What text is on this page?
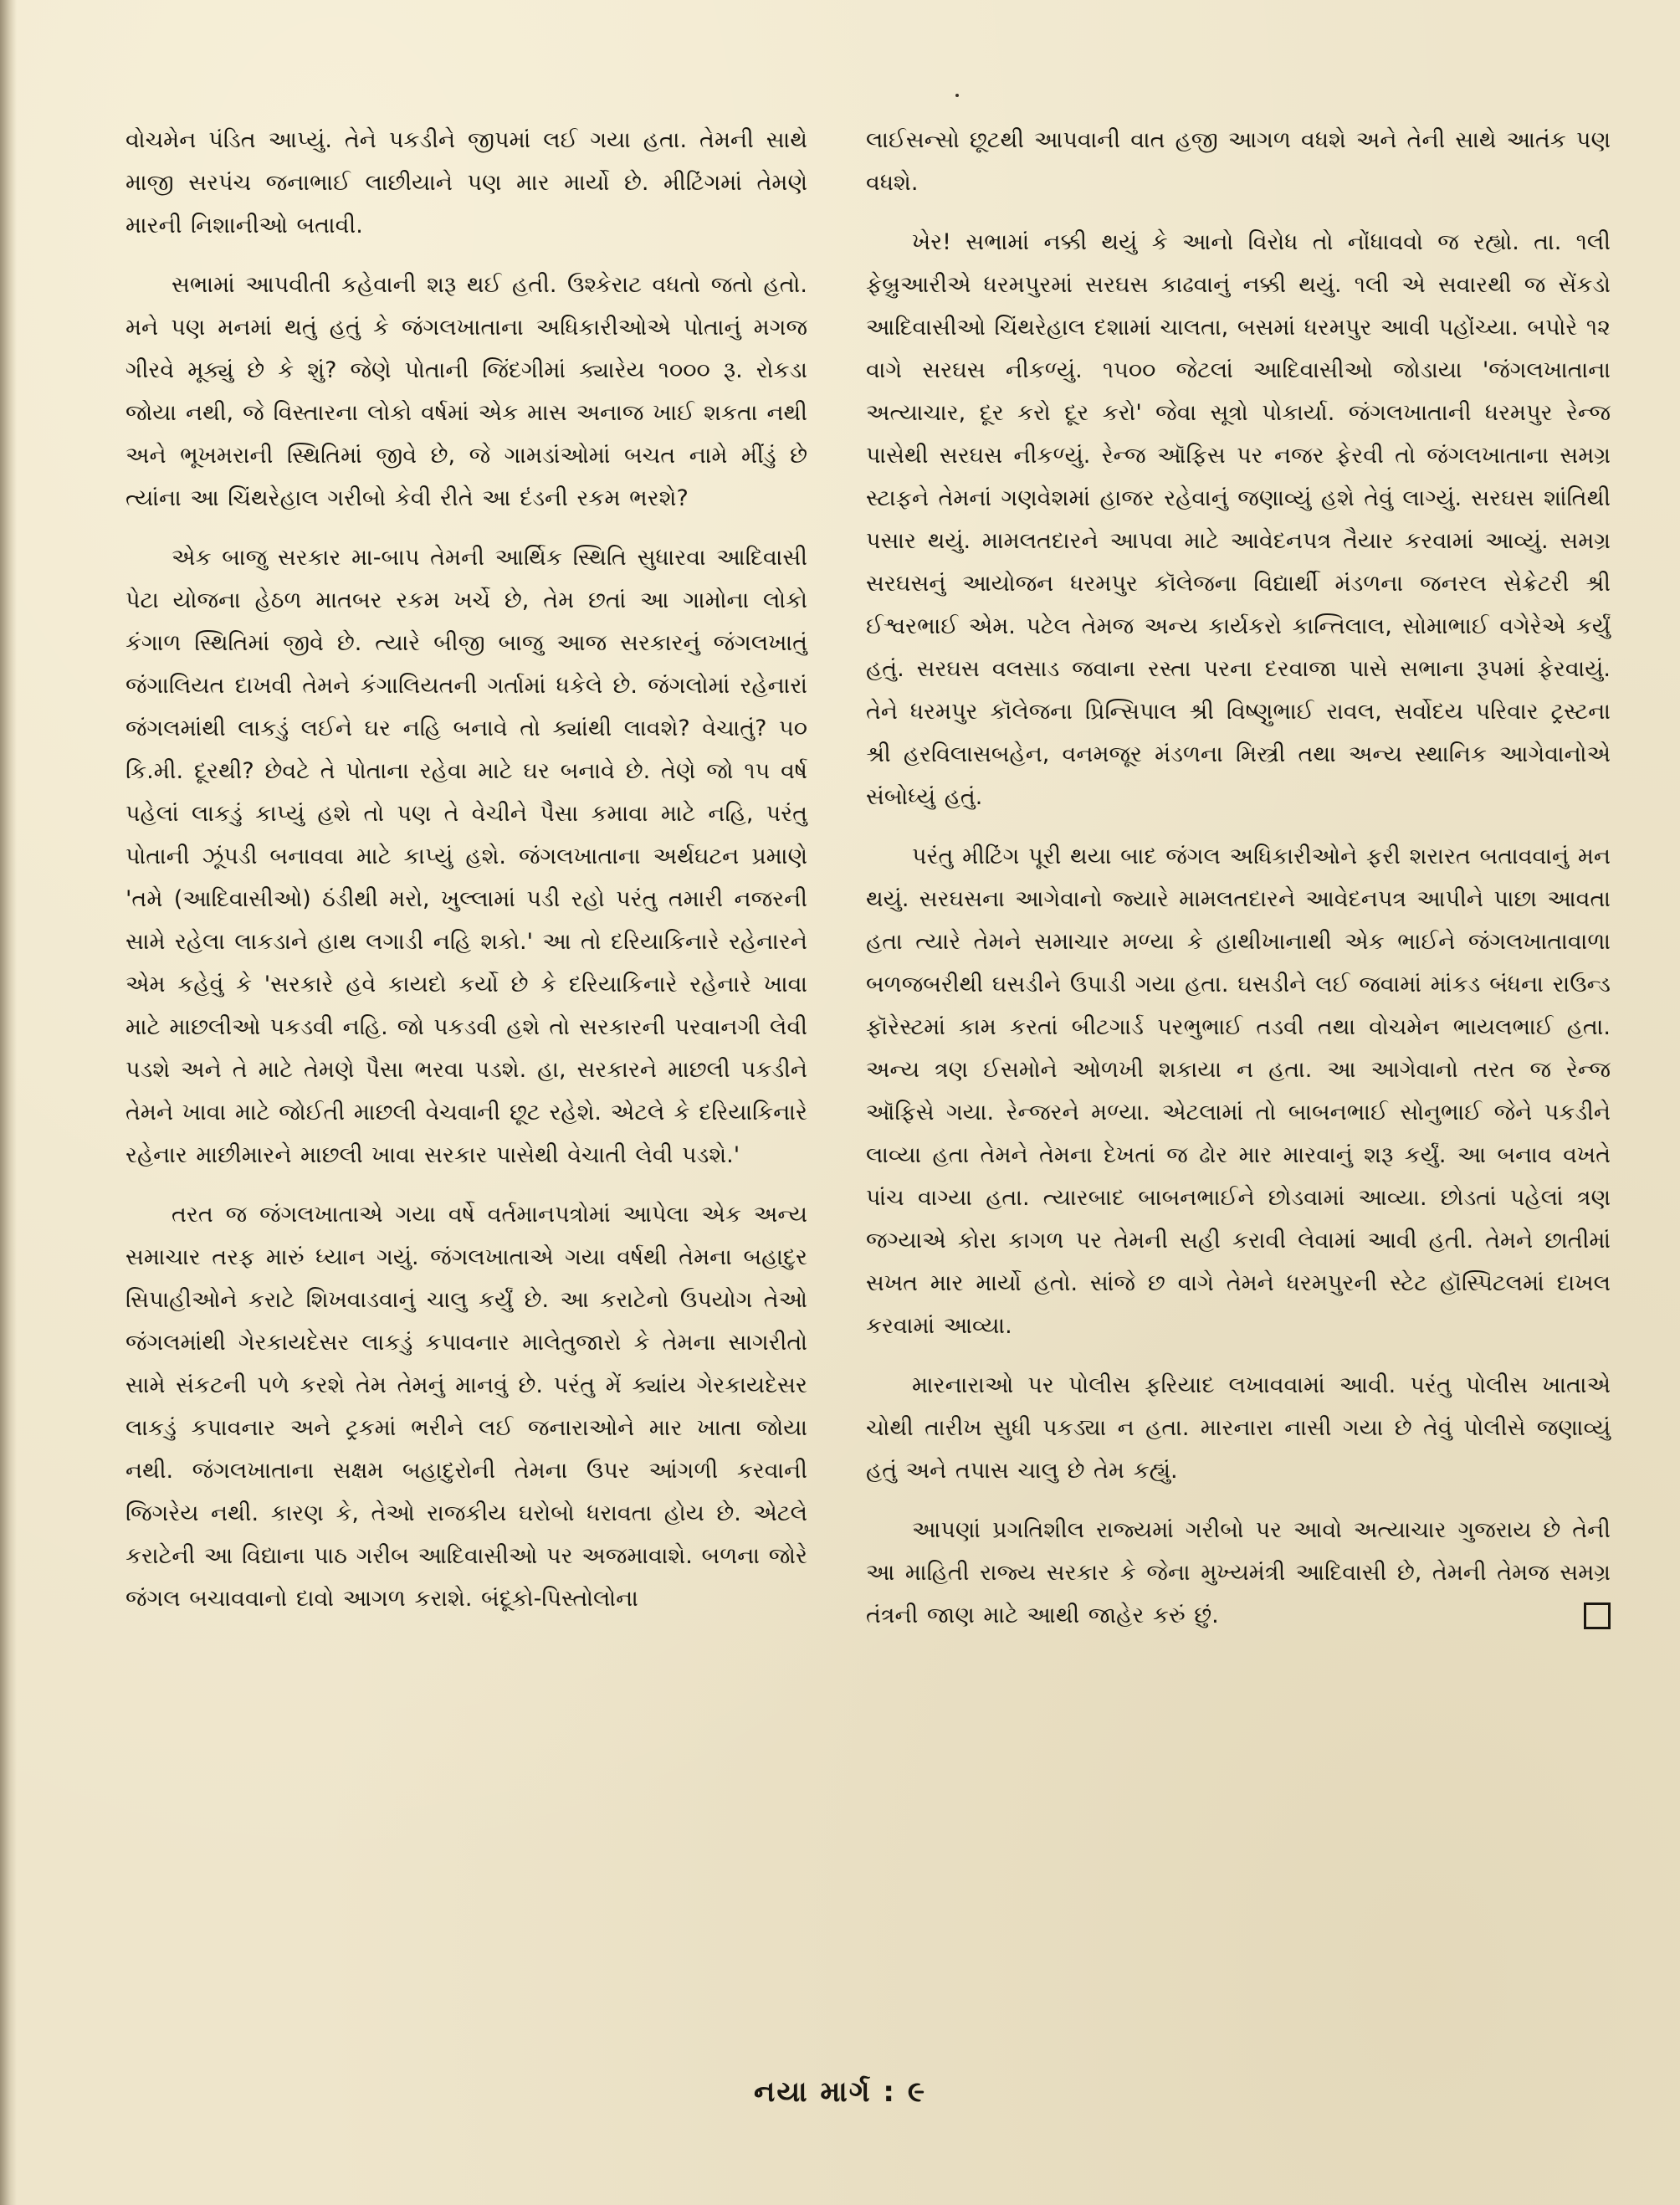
વોચમેન પંડિત આપ્યું. તેને પકડીને જીપમાં લઈ ગયા હતા. તેમની સાથે માજી સરપંચ જનાભાઈ લાછીયાને પણ માર માર્યો છે. મીટિંગમાં તેમણે મારની નિશાનીઓ બતાવી.

સભામાં આપવીતી કહેવાની શરૂ થઈ હતી. ઉશ્કેરાટ વધતો જતો હતો. મને પણ મનમાં થતું હતું કે જંગલખાતાના અધિકારીઓએ પોતાનું મગજ ગીરવે મૂક્યું છે કે શું? જેણે પોતાની જિંદગીમાં ક્યારેય ૧૦૦૦ રૂ. રોકડા જોયા નથી, જે વિસ્તારના લોકો વર્ષમાં એક માસ અનાજ ખાઈ શકતા નથી અને ભૂખમરાની સ્થિતિમાં જીવે છે, જે ગામડાંઓમાં બચત નામે મીંડું છે ત્યાંના આ ચિંથરેહાલ ગરીબો કેવી રીતે આ દંડની રકમ ભરશે?

એક બાજુ સરકાર મા-બાપ તેમની આર્થિક સ્થિતિ સુધારવા આદિવાસી પેટા યોજના હેઠળ માતબર રકમ ખર્ચે છે, તેમ છતાં આ ગામોના લોકો કંગાળ સ્થિતિમાં જીવે છે. ત્યારે બીજી બાજુ આજ સરકારનું જંગલખાતું જંગાલિયત દાખવી તેમને કંગાલિયતની ગર્તામાં ધકેલે છે. જંગલોમાં રહેનારાં જંગલમાંથી લાકડું લઈને ઘર નહિ બનાવે તો ક્યાંથી લાવશે? વેચાતું? ૫૦ કિ.મી. દૂરથી? છેવટે તે પોતાના રહેવા માટે ઘર બનાવે છે. તેણે જો ૧૫ વર્ષ પહેલાં લાકડું કાપ્યું હશે તો પણ તે વેચીને પૈસા કમાવા માટે નહિ, પરંતુ પોતાની ઝૂંપડી બનાવવા માટે કાપ્યું હશે. જંગલખાતાના અર્થઘટન પ્રમાણે 'તમે (આદિવાસીઓ) ઠંડીથી મરો, ખુલ્લામાં પડી રહો પરંતુ તમારી નજરની સામે રહેલા લાકડાને હાથ લગાડી નહિ શકો.' આ તો દરિયાકિનારે રહેનારને એમ કહેવું કે 'સરકારે હવે કાયદો કર્યો છે કે દરિયાકિનારે રહેનારે ખાવા માટે માછલીઓ પકડવી નહિ. જો પકડવી હશે તો સરકારની પરવાનગી લેવી પડશે અને તે માટે તેમણે પૈસા ભરવા પડશે. હા, સરકારને માછલી પકડીને તેમને ખાવા માટે જોઈતી માછલી વેચવાની છૂટ રહેશે. એટલે કે દરિયાકિનારે રહેનાર માછીમારને માછલી ખાવા સરકાર પાસેથી વેચાતી લેવી પડશે.'

તરત જ જંગલખાતાએ ગયા વર્ષે વર્તમાનપત્રોમાં આપેલા એક અન્ય સમાચાર તરફ મારું ધ્યાન ગયું. જંગલખાતાએ ગયા વર્ષથી તેમના બહાદુર સિપાહીઓને કરાટે શિખવાડવાનું ચાલુ કર્યું છે. આ કરાટેનો ઉપયોગ તેઓ જંગલમાંથી ગેરકાયદેસર લાકડું કપાવનાર માલેતુજારો કે તેમના સાગરીતો સામે સંકટની પળે કરશે તેમ તેમનું માનવું છે. પરંતુ મેં ક્યાંય ગેરકાયદેસર લાકડું કપાવનાર અને ટ્રકમાં ભરીને લઈ જનારાઓને માર ખાતા જોયા નથી. જંગલખાતાના સક્ષમ બહાદુરોની તેમના ઉપર આંગળી કરવાની જિગરેય નથી. કારણ કે, તેઓ રાજકીય ઘરોબો ધરાવતા હોય છે. એટલે કરાટેની આ વિદ્યાના પાઠ ગરીબ આદિવાસીઓ પર અજમાવાશે. બળના જોરે જંગલ બચાવવાનો દાવો આગળ કરાશે. બંદૂકો-પિસ્તોલોના

લાઈસન્સો છૂટથી આપવાની વાત હજી આગળ વધશે અને તેની સાથે આતંક પણ વધશે.

ખેર! સભામાં નક્કી થયું કે આનો વિરોધ તો નોંધાવવો જ રહ્યો. તા. ૧લી ફેબ્રુઆરીએ ધરમપુરમાં સરઘસ કાઢવાનું નક્કી થયું. ૧લી એ સવારથી જ સેંકડો આદિવાસીઓ ચિંથરેહાલ દશામાં ચાલતા, બસમાં ધરમપુર આવી પહોંચ્યા. બપોરે ૧૨ વાગે સરઘસ નીકળ્યું. ૧૫૦૦ જેટલાં આદિવાસીઓ જોડાયા 'જંગલખાતાના અત્યાચાર, દૂર કરો દૂર કરો' જેવા સૂત્રો પોકાર્યા. જંગલખાતાની ધરમપુર રેન્જ પાસેથી સરઘસ નીકળ્યું. રેન્જ ઑફિસ પર નજર ફેરવી તો જંગલખાતાના સમગ્ર સ્ટાફને તેમનાં ગણવેશમાં હાજર રહેવાનું જણાવ્યું હશે તેવું લાગ્યું. સરઘસ શાંતિથી પસાર થયું. મામલતદારને આપવા માટે આવેદનપત્ર તૈયાર કરવામાં આવ્યું. સમગ્ર સરઘસનું આયોજન ધરમપુર કૉલેજના વિદ્યાર્થી મંડળના જનરલ સેક્રેટરી શ્રી ઈશ્વરભાઈ એમ. પટેલ તેમજ અન્ય કાર્યકરો કાન્તિલાલ, સોમાભાઈ વગેરેએ કર્યું હતું. સરઘસ વલસાડ જવાના રસ્તા પરના દરવાજા પાસે સભાના રૂપમાં ફેરવાયું. તેને ધરમપુર કૉલેજના પ્રિન્સિપાલ શ્રી વિષ્ણુભાઈ રાવલ, સર્વોદય પરિવાર ટ્રસ્ટના શ્રી હરવિલાસબહેન, વનમજૂર મંડળના મિસ્ત્રી તથા અન્ય સ્થાનિક આગેવાનોએ સંબોધ્યું હતું.

પરંતુ મીટિંગ પૂરી થયા બાદ જંગલ અધિકારીઓને ફરી શરારત બતાવવાનું મન થયું. સરઘસના આગેવાનો જ્યારે મામલતદારને આવેદનપત્ર આપીને પાછા આવતા હતા ત્યારે તેમને સમાચાર મળ્યા કે હાથીખાનાથી એક ભાઈને જંગલખાતાવાળા બળજબરીથી ઘસડીને ઉપાડી ગયા હતા. ઘસડીને લઈ જવામાં માંકડ બંધના રાઉન્ડ ફૉરેસ્ટમાં કામ કરતાં બીટગાર્ડ પરભુભાઈ તડવી તથા વોચમેન ભાયલભાઈ હતા. અન્ય ત્રણ ઈસમોને ઓળખી શકાયા ન હતા. આ આગેવાનો તરત જ રેન્જ ઑફિસે ગયા. રેન્જરને મળ્યા. એટલામાં તો બાબનભાઈ સોનુભાઈ જેને પકડીને લાવ્યા હતા તેમને તેમના દેખતાં જ ઢોર માર મારવાનું શરૂ કર્યું. આ બનાવ વખતે પાંચ વાગ્યા હતા. ત્યારબાદ બાબનભાઈને છોડવામાં આવ્યા. છોડતાં પહેલાં ત્રણ જગ્યાએ કોરા કાગળ પર તેમની સહી કરાવી લેવામાં આવી હતી. તેમને છાતીમાં સખત માર માર્યો હતો. સાંજે છ વાગે તેમને ધરમપુરની સ્ટેટ હૉસ્પિટલમાં દાખલ કરવામાં આવ્યા.

મારનારાઓ પર પોલીસ ફરિયાદ લખાવવામાં આવી. પરંતુ પોલીસ ખાતાએ ચોથી તારીખ સુધી પકડ્યા ન હતા. મારનારા નાસી ગયા છે તેવું પોલીસે જણાવ્યું હતું અને તપાસ ચાલુ છે તેમ કહ્યું.

આપણાં પ્રગતિશીલ રાજ્યમાં ગરીબો પર આવો અત્યાચાર ગુજરાય છે તેની આ માહિતી રાજ્ય સરકાર કે જેના મુખ્યમંત્રી આદિવાસી છે, તેમની તેમજ સમગ્ર તંત્રની જાણ માટે આથી જાહેર કરું છું.

નયા માર્ગ : ૯
